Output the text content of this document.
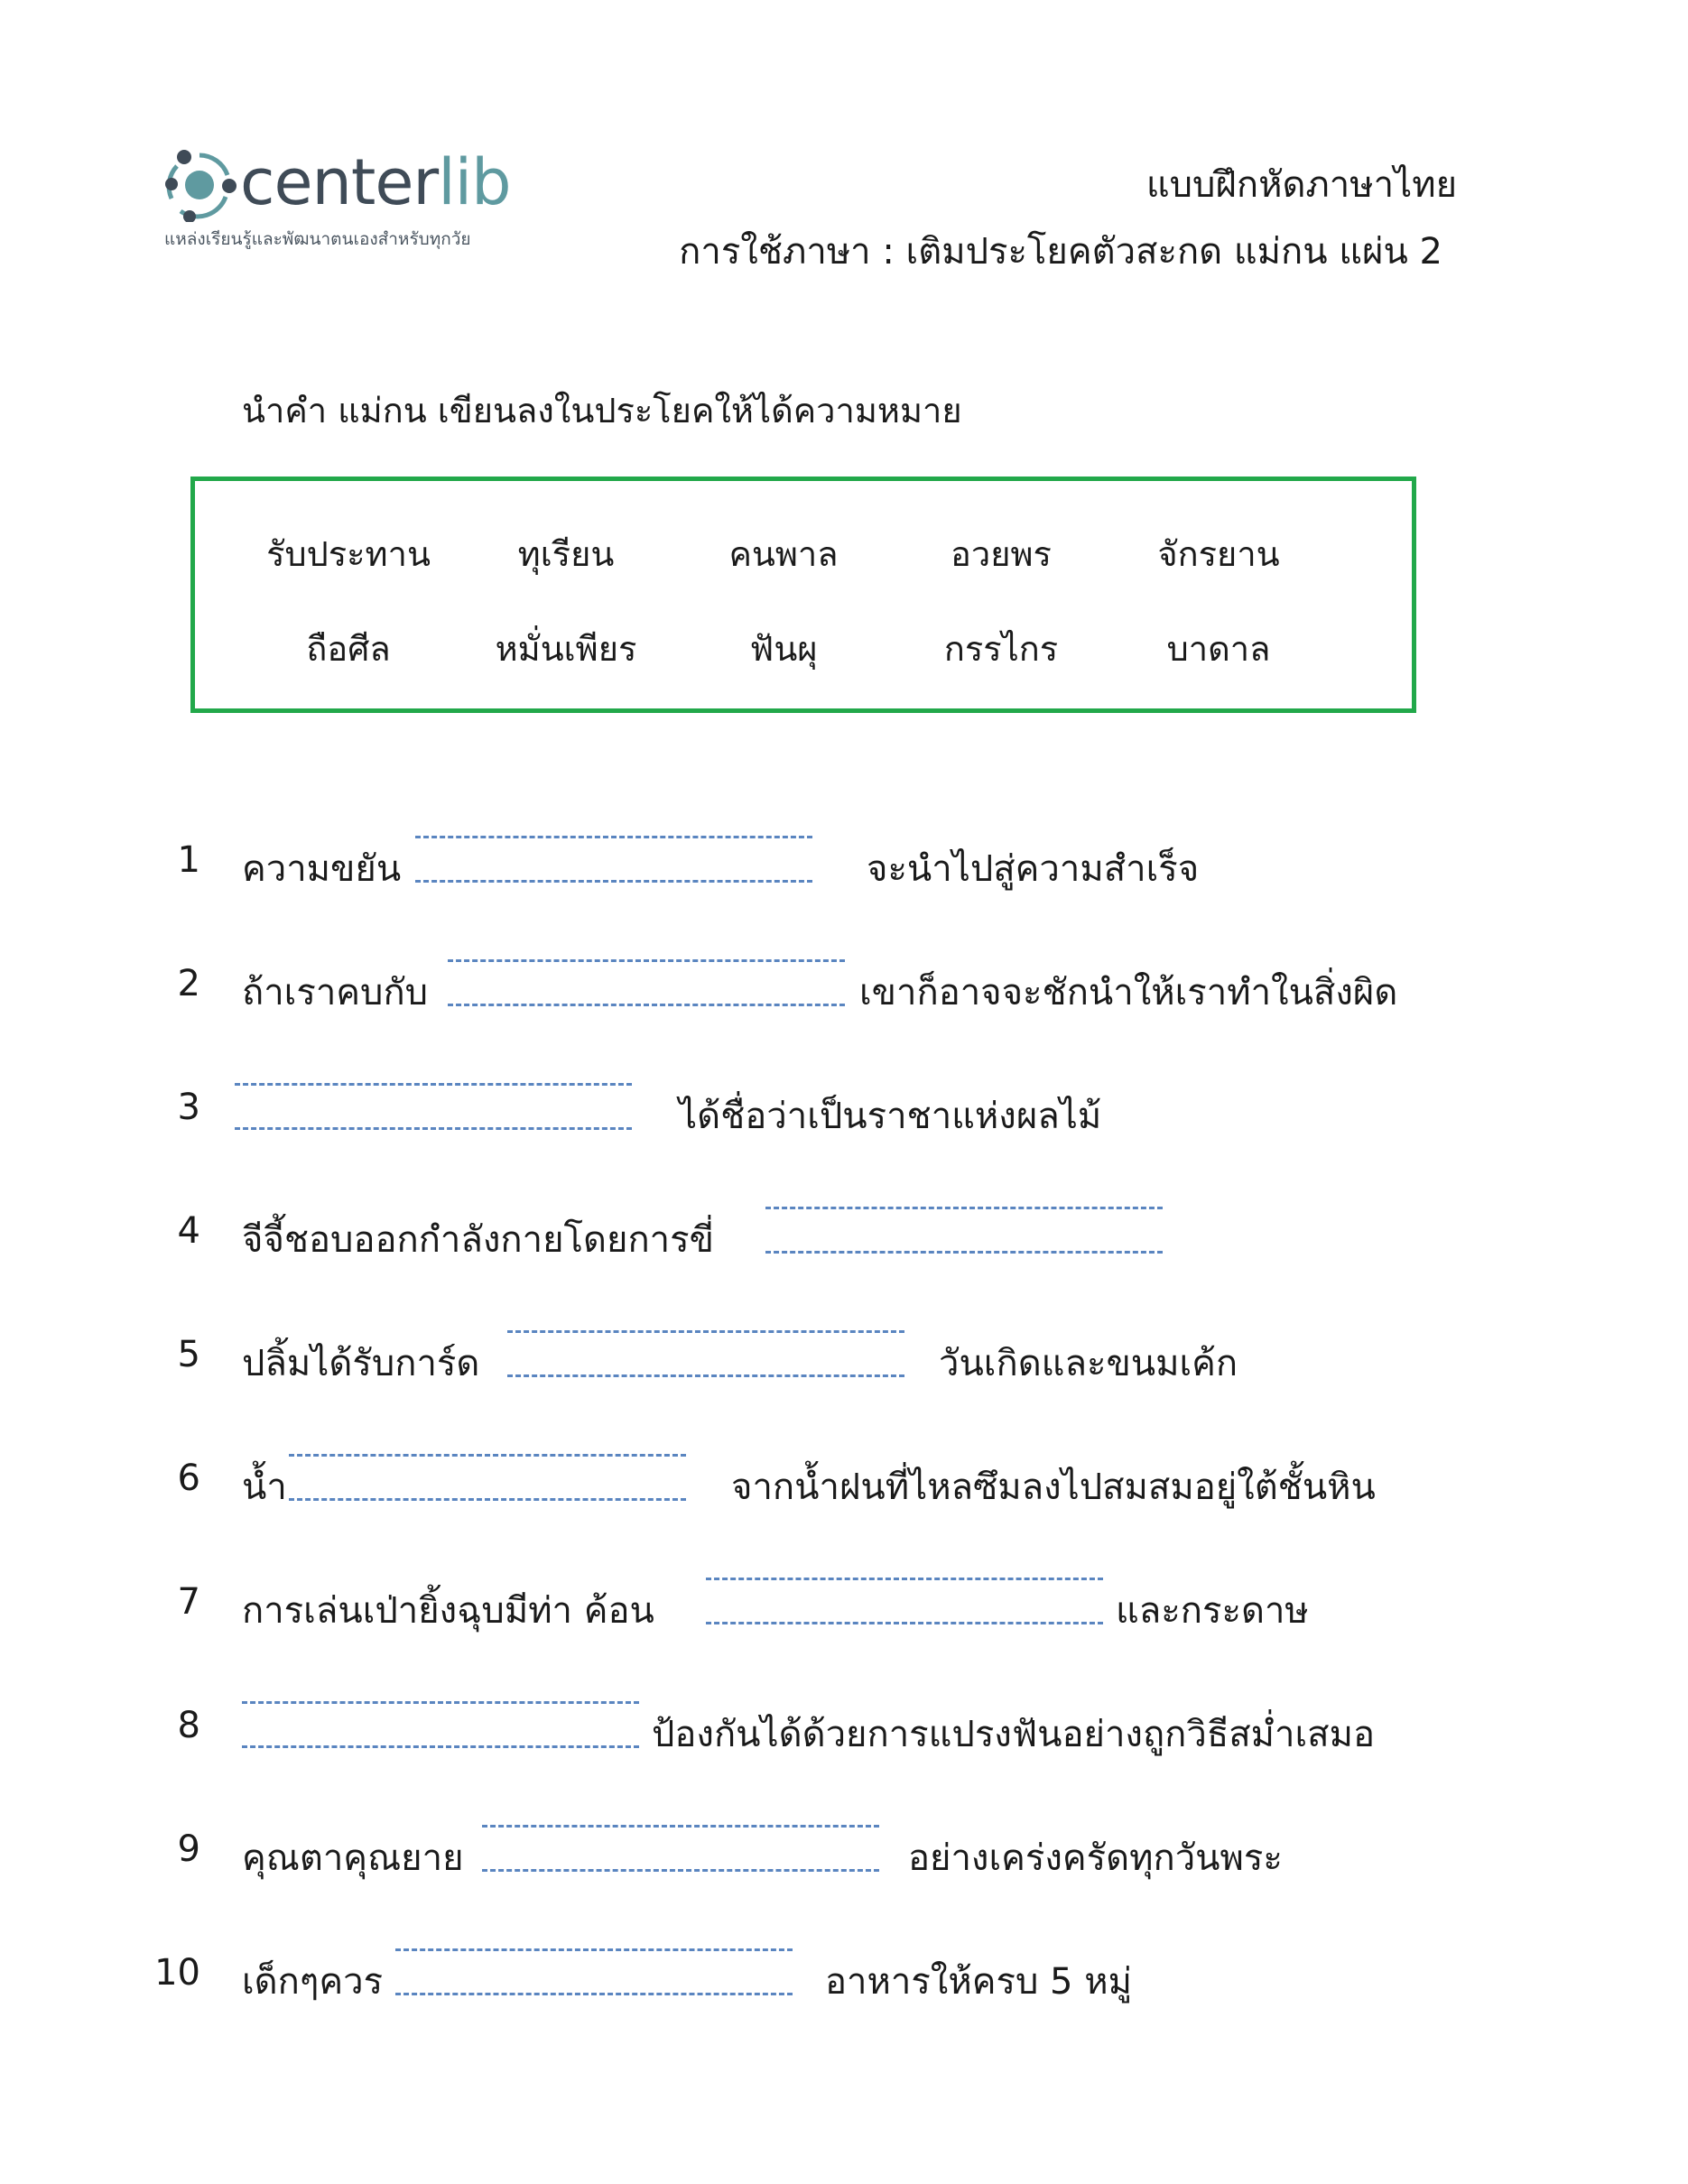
centerlib
แหล่งเรียนรู้และพัฒนาตนเองสำหรับทุกวัย
แบบฝึกหัดภาษาไทย
การใช้ภาษา : เติมประโยคตัวสะกด แม่กน แผ่น 2
นำคำ แม่กน เขียนลงในประโยคให้ได้ความหมาย
รับประทาน	ทุเรียน	คนพาล	อวยพร	จักรยาน
ถือศีล	หมั่นเพียร	ฟันผุ	กรรไกร	บาดาล
1 ความขยัน	จะนำไปสู่ความสำเร็จ
2 ถ้าเราคบกับ	เขาก็อาจจะชักนำให้เราทำในสิ่งผิด
3	ได้ชื่อว่าเป็นราชาแห่งผลไม้
4 จีจี้ชอบออกกำลังกายโดยการขี่
5 ปลิ้มได้รับการ์ด	วันเกิดและขนมเค้ก
6 น้ำ	จากน้ำฝนที่ไหลซึมลงไปสมสมอยู่ใต้ชั้นหิน
7 การเล่นเป่ายิ้งฉุบมีท่า ค้อน	และกระดาษ
8	ป้องกันได้ด้วยการแปรงฟันอย่างถูกวิธีสม่ำเสมอ
9 คุณตาคุณยาย	อย่างเคร่งครัดทุกวันพระ
10 เด็กๆควร	อาหารให้ครบ 5 หมู่
